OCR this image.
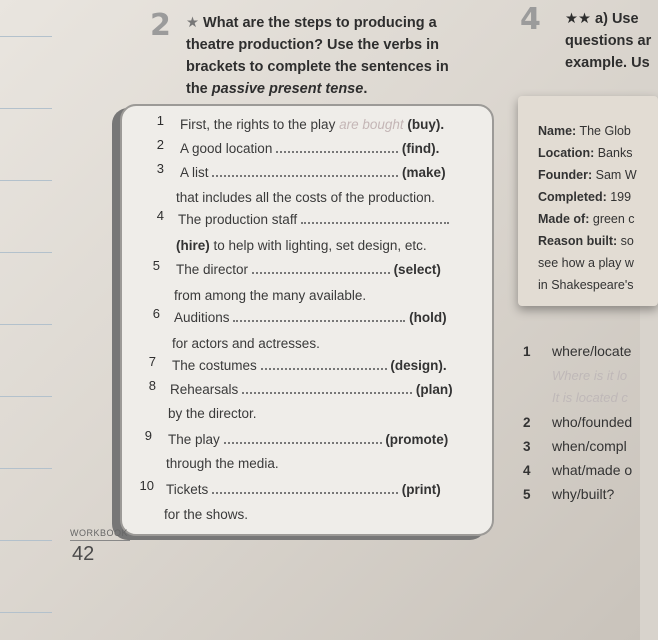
2 ★ What are the steps to producing a
theatre production? Use the verbs in
brackets to complete the sentences in
the passive present tense.
1 First, the rights to the play are bought (buy).
2 A good location	(find).
3 A list	(make)
that includes all the costs of the production.
4 The production staff
(hire) to help with lighting, set design, etc.
5 The director	(select)
from among the many available.
6 Auditions	(hold)
for actors and actresses.
7 The costumes	(design).
8 Rehearsals	(plan)
by the director.
9 The play	(promote)
through the media.
10 Tickets	(print)
for the shows.
WORKBOOK
42
4 ★★ a) Use
questions ar
example. Us
Name: The Glob
Location: Banks
Founder: Sam W
Completed: 199
Made of: green c
Reason built: so
see how a play w
in Shakespeare's
1 where/locate
Where is it lo
It is located c
2 who/founded
3 when/compl
4 what/made o
5 why/built?
